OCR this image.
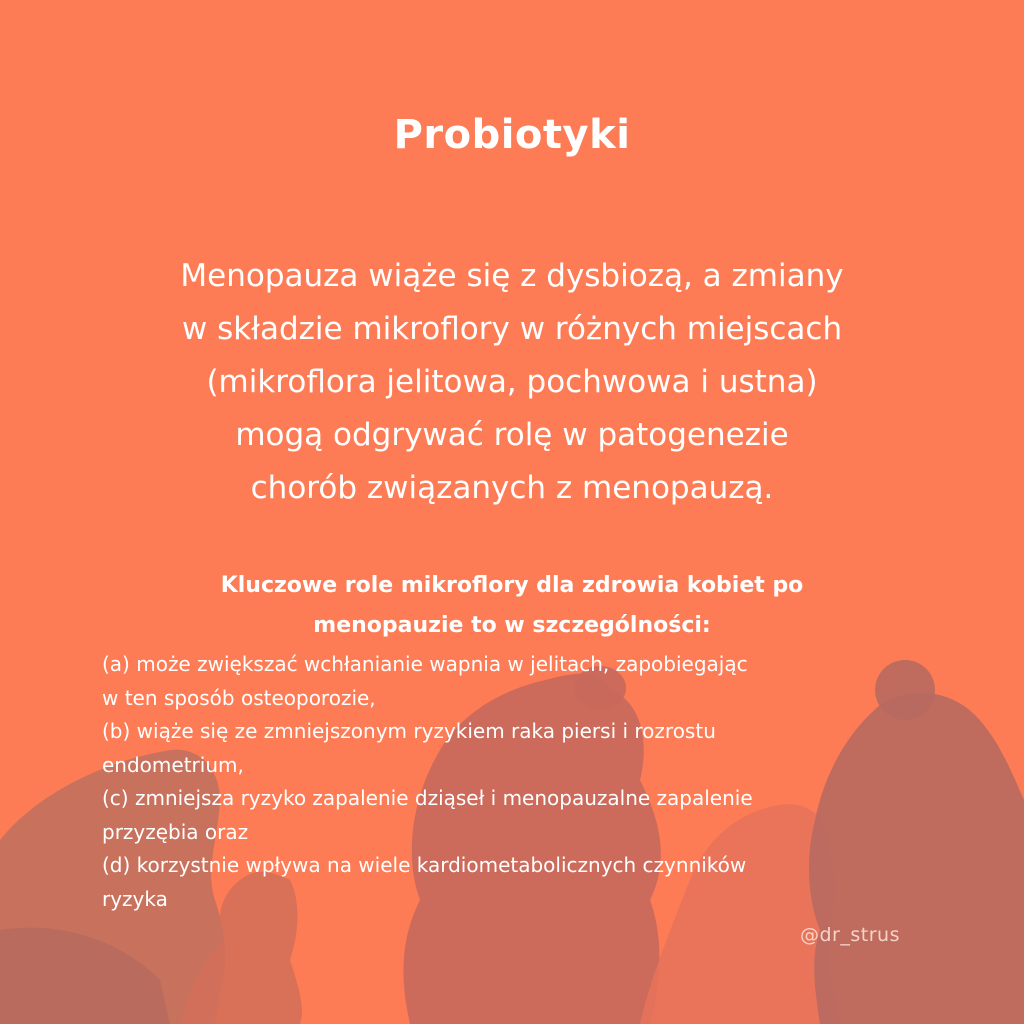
Probiotyki
Menopauza wiąże się z dysbiozą, a zmiany
w składzie mikroflory w różnych miejscach
(mikroflora jelitowa, pochwowa i ustna)
mogą odgrywać rolę w patogenezie
chorób związanych z menopauzą.
Kluczowe role mikroflory dla zdrowia kobiet po
menopauzie to w szczególności:
(a) może zwiększać wchłanianie wapnia w jelitach, zapobiegając
w ten sposób osteoporozie,
(b) wiąże się ze zmniejszonym ryzykiem raka piersi i rozrostu
endometrium,
(c) zmniejsza ryzyko zapalenie dziąseł i menopauzalne zapalenie
przyzębia oraz
(d) korzystnie wpływa na wiele kardiometabolicznych czynników
ryzyka
@dr_strus
